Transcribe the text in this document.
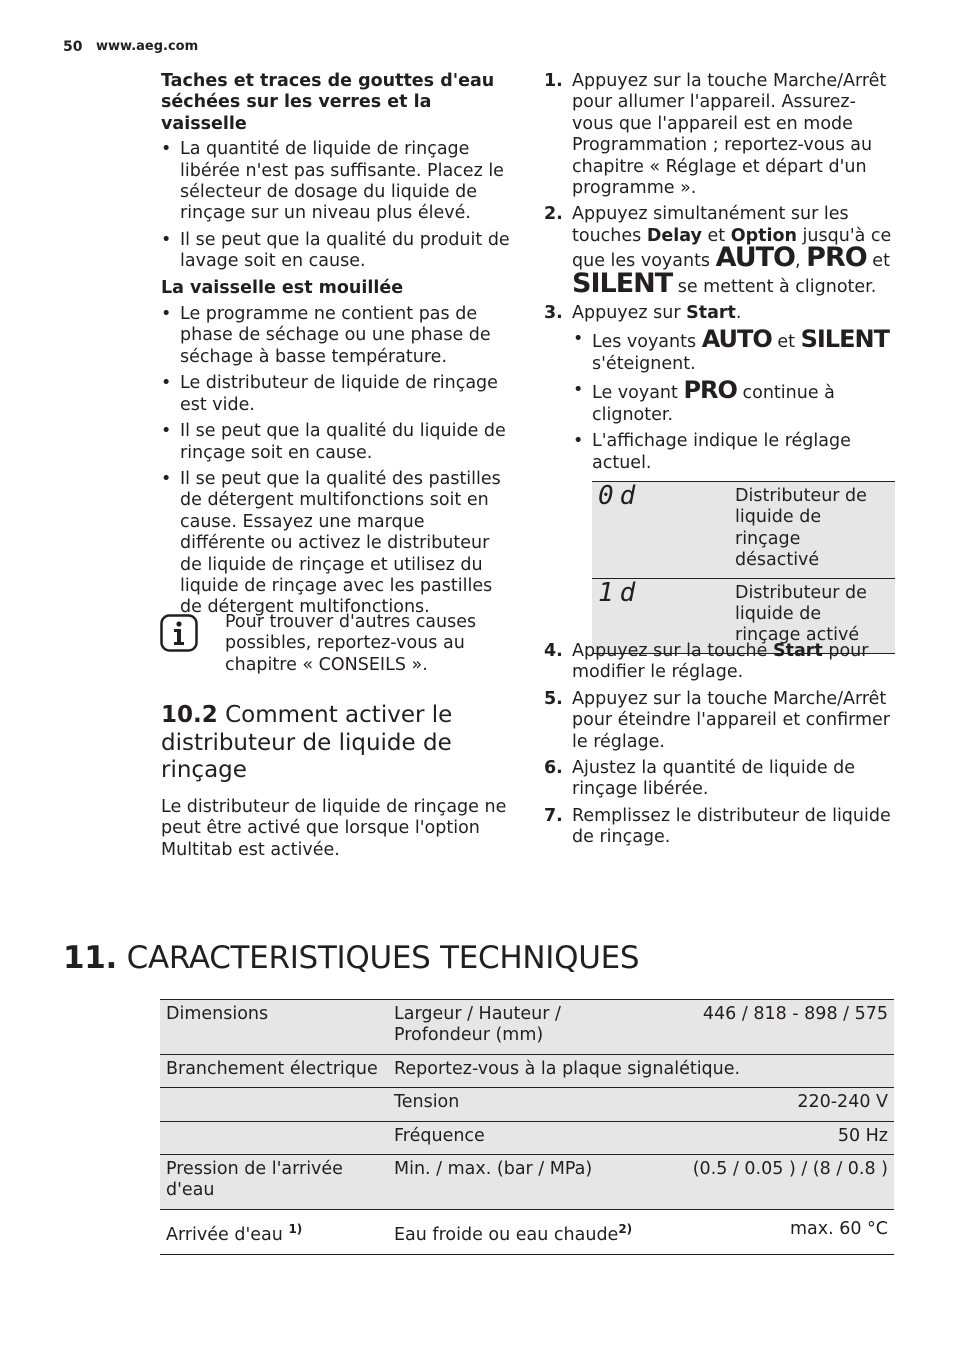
50 www.aeg.com

Taches et traces de gouttes d'eau séchées sur les verres et la vaisselle

• La quantité de liquide de rinçage libérée n'est pas suffisante. Placez le sélecteur de dosage du liquide de rinçage sur un niveau plus élevé.
• Il se peut que la qualité du produit de lavage soit en cause.

La vaisselle est mouillée

• Le programme ne contient pas de phase de séchage ou une phase de séchage à basse température.
• Le distributeur de liquide de rinçage est vide.
• Il se peut que la qualité du liquide de rinçage soit en cause.
• Il se peut que la qualité des pastilles de détergent multifonctions soit en cause. Essayez une marque différente ou activez le distributeur de liquide de rinçage et utilisez du liquide de rinçage avec les pastilles de détergent multifonctions.
Pour trouver d'autres causes possibles, reportez-vous au chapitre « CONSEILS ».
10.2 Comment activer le distributeur de liquide de rinçage
Le distributeur de liquide de rinçage ne peut être activé que lorsque l'option Multitab est activée.
1. Appuyez sur la touche Marche/Arrêt pour allumer l'appareil. Assurez-vous que l'appareil est en mode Programmation ; reportez-vous au chapitre « Réglage et départ d'un programme ».
2. Appuyez simultanément sur les touches Delay et Option jusqu'à ce que les voyants AUTO, PRO et
SILENT se mettent à clignoter.
3. Appuyez sur Start.
• Les voyants AUTO et SILENT s'éteignent.
• Le voyant PRO continue à clignoter.
• L'affichage indique le réglage actuel.
0d	Distributeur de liquide de rinçage désactivé
1d	Distributeur de liquide de rinçage activé
4. Appuyez sur la touche Start pour modifier le réglage.
5. Appuyez sur la touche Marche/Arrêt pour éteindre l'appareil et confirmer le réglage.
6. Ajustez la quantité de liquide de rinçage libérée.
7. Remplissez le distributeur de liquide de rinçage.
11. CARACTERISTIQUES TECHNIQUES
Dimensions	Largeur / Hauteur / Profondeur (mm)	446 / 818 - 898 / 575
Branchement électrique	Reportez-vous à la plaque signalétique.	
	Tension	220-240 V
	Fréquence	50 Hz
Pression de l'arrivée d'eau	Min. / max. (bar / MPa)	(0.5 / 0.05 ) / (8 / 0.8 )
Arrivée d'eau $^{1)}$	Eau froide ou eau chaude$^{2)}$	max. 60 °C
